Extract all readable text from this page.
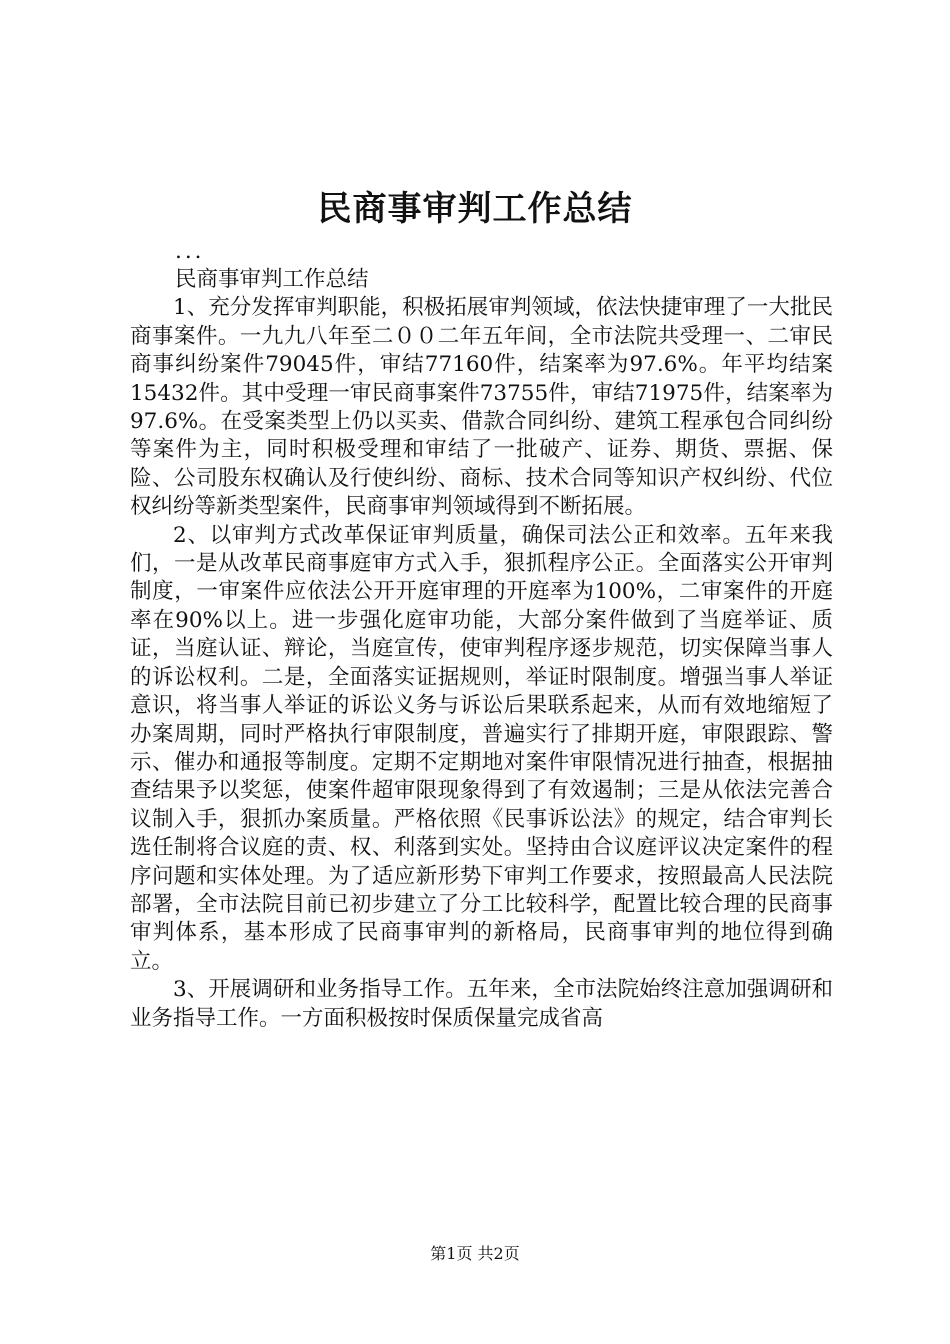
民商事审判工作总结

...

民商事审判工作总结

1、充分发挥审判职能，积极拓展审判领域，依法快捷审理了一大批民商事案件。一九九八年至二００二年五年间，全市法院共受理一、二审民商事纠纷案件79045件，审结77160件，结案率为97.6%。年平均结案15432件。其中受理一审民商事案件73755件，审结71975件，结案率为97.6%。在受案类型上仍以买卖、借款合同纠纷、建筑工程承包合同纠纷等案件为主，同时积极受理和审结了一批破产、证券、期货、票据、保险、公司股东权确认及行使纠纷、商标、技术合同等知识产权纠纷、代位权纠纷等新类型案件，民商事审判领域得到不断拓展。

2、以审判方式改革保证审判质量，确保司法公正和效率。五年来我们，一是从改革民商事庭审方式入手，狠抓程序公正。全面落实公开审判制度，一审案件应依法公开开庭审理的开庭率为100%，二审案件的开庭率在90%以上。进一步强化庭审功能，大部分案件做到了当庭举证、质证，当庭认证、辩论，当庭宣传，使审判程序逐步规范，切实保障当事人的诉讼权利。二是，全面落实证据规则，举证时限制度。增强当事人举证意识，将当事人举证的诉讼义务与诉讼后果联系起来，从而有效地缩短了办案周期，同时严格执行审限制度，普遍实行了排期开庭，审限跟踪、警示、催办和通报等制度。定期不定期地对案件审限情况进行抽查，根据抽查结果予以奖惩，使案件超审限现象得到了有效遏制；三是从依法完善合议制入手，狠抓办案质量。严格依照《民事诉讼法》的规定，结合审判长选任制将合议庭的责、权、利落到实处。坚持由合议庭评议决定案件的程序问题和实体处理。为了适应新形势下审判工作要求，按照最高人民法院部署，全市法院目前已初步建立了分工比较科学，配置比较合理的民商事审判体系，基本形成了民商事审判的新格局，民商事审判的地位得到确立。

3、开展调研和业务指导工作。五年来，全市法院始终注意加强调研和业务指导工作。一方面积极按时保质保量完成省高

第1页 共2页
